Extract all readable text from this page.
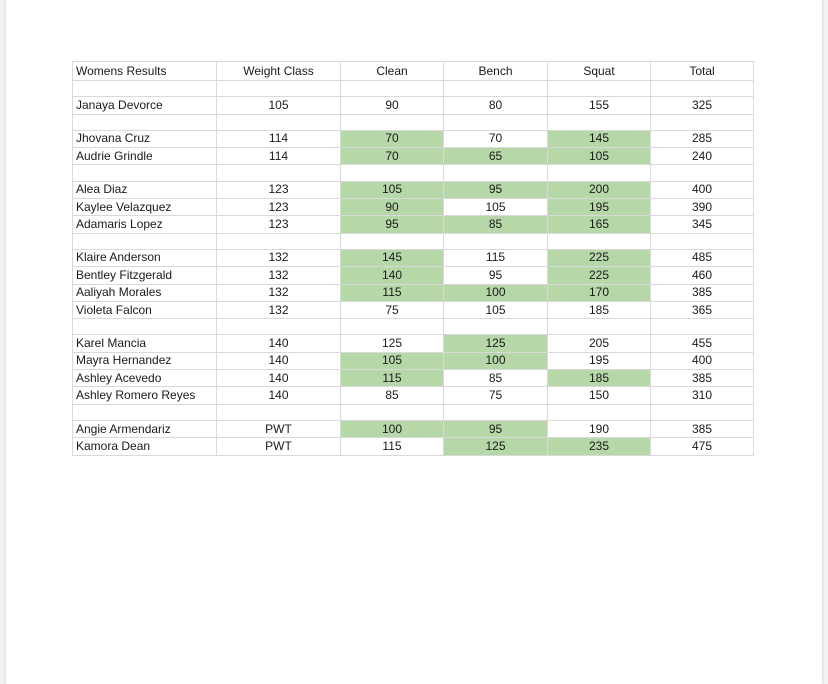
Womens Results	Weight Class	Clean	Bench	Squat	Total

Janaya Devorce	105	90	80	155	325

Jhovana Cruz	114	70	70	145	285
Audrie Grindle	114	70	65	105	240

Alea Diaz	123	105	95	200	400
Kaylee Velazquez	123	90	105	195	390
Adamaris Lopez	123	95	85	165	345

Klaire Anderson	132	145	115	225	485
Bentley Fitzgerald	132	140	95	225	460
Aaliyah Morales	132	115	100	170	385
Violeta Falcon	132	75	105	185	365

Karel Mancia	140	125	125	205	455
Mayra Hernandez	140	105	100	195	400
Ashley Acevedo	140	115	85	185	385
Ashley Romero Reyes	140	85	75	150	310

Angie Armendariz	PWT	100	95	190	385
Kamora Dean	PWT	115	125	235	475
